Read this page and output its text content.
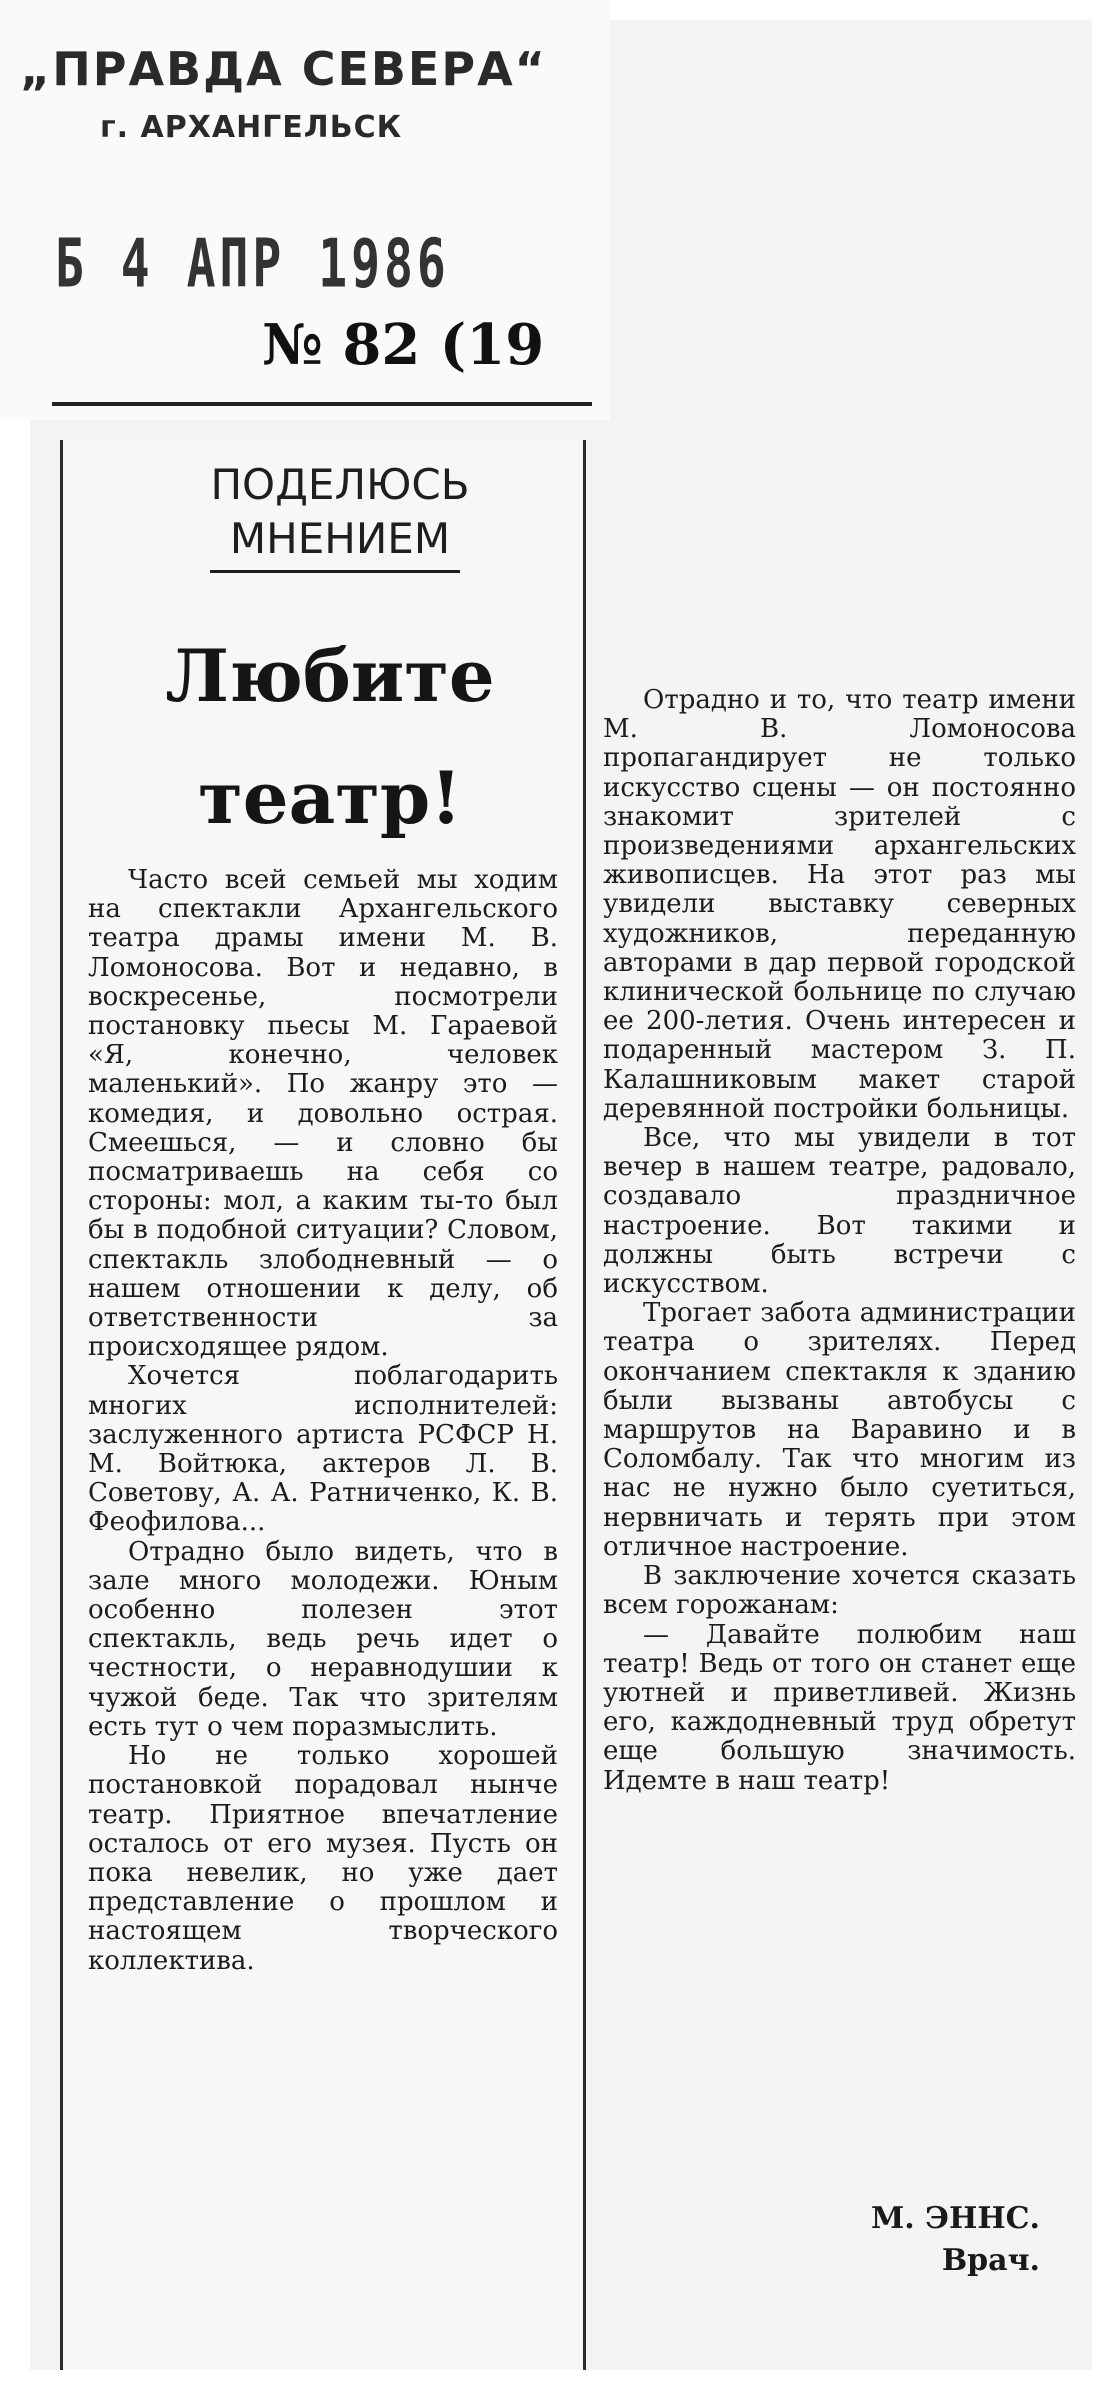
„ПРАВДА СЕВЕРА“
г. АРХАНГЕЛЬСК
Б 4 АПР 1986
№ 82 (19
ПОДЕЛЮСЬ
МНЕНИЕМ
Любите
театр!

Часто всей семьей мы ходим на спектакли Архангельского театра драмы имени М. В. Ломоносова. Вот и недавно, в воскресенье, посмотрели постановку пьесы М. Гараевой «Я, конечно, человек маленький». По жанру это — комедия, и довольно острая. Смеешься, — и словно бы посматриваешь на себя со стороны: мол, а каким ты-то был бы в подобной ситуации? Словом, спектакль злободневный — о нашем отношении к делу, об ответственности за происходящее рядом.

Хочется поблагодарить многих исполнителей: заслуженного артиста РСФСР Н. М. Войтюка, актеров Л. В. Советову, А. А. Ратниченко, К. В. Феофилова...

Отрадно было видеть, что в зале много молодежи. Юным особенно полезен этот спектакль, ведь речь идет о честности, о неравнодушии к чужой беде. Так что зрителям есть тут о чем поразмыслить.

Но не только хорошей постановкой порадовал нынче театр. Приятное впечатление осталось от его музея. Пусть он пока невелик, но уже дает представление о прошлом и настоящем творческого коллектива.

Отрадно и то, что театр имени М. В. Ломоносова пропагандирует не только искусство сцены — он постоянно знакомит зрителей с произведениями архангельских живописцев. На этот раз мы увидели выставку северных художников, переданную авторами в дар первой городской клинической больнице по случаю ее 200-летия. Очень интересен и подаренный мастером З. П. Калашниковым макет старой деревянной постройки больницы.

Все, что мы увидели в тот вечер в нашем театре, радовало, создавало праздничное настроение. Вот такими и должны быть встречи с искусством.

Трогает забота администрации театра о зрителях. Перед окончанием спектакля к зданию были вызваны автобусы с маршрутов на Варавино и в Соломбалу. Так что многим из нас не нужно было суетиться, нервничать и терять при этом отличное настроение.

В заключение хочется сказать всем горожанам:

— Давайте полюбим наш театр! Ведь от того он станет еще уютней и приветливей. Жизнь его, каждодневный труд обретут еще большую значимость. Идемте в наш театр!

М. ЭННС.
Врач.
